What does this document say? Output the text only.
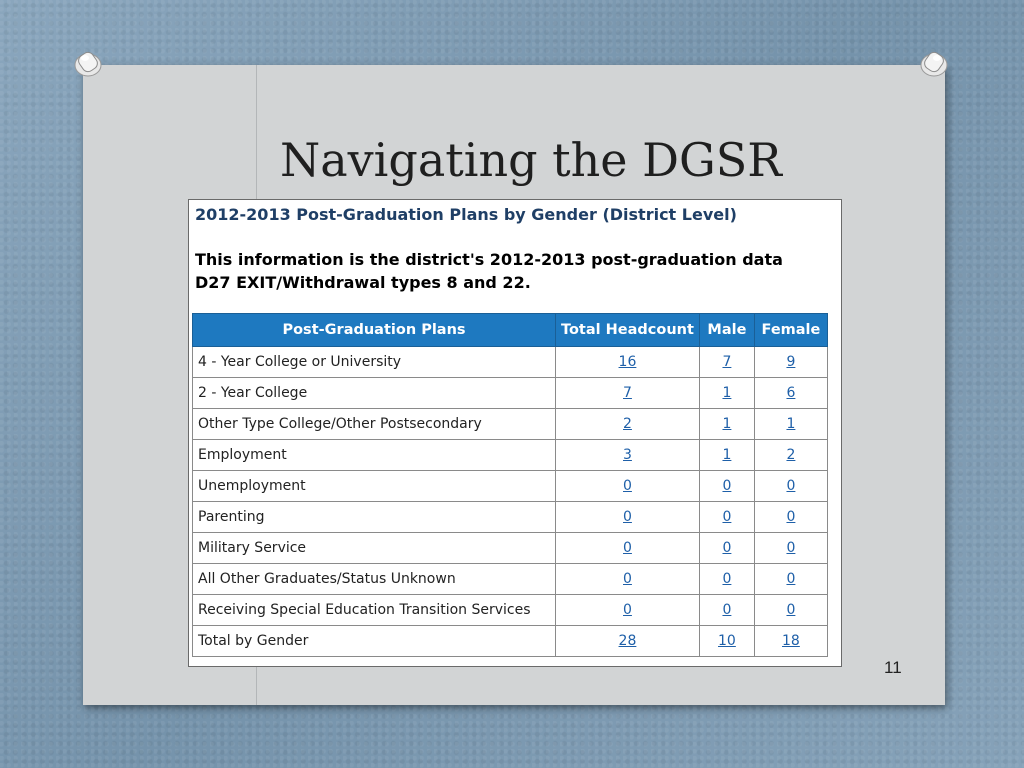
Navigating the DGSR
2012-2013 Post-Graduation Plans by Gender (District Level)
This information is the district's 2012-2013 post-graduation data
D27 EXIT/Withdrawal types 8 and 22.
Post-Graduation Plans	Total Headcount	Male	Female
4 - Year College or University	16	7	9
2 - Year College	7	1	6
Other Type College/Other Postsecondary	2	1	1
Employment	3	1	2
Unemployment	0	0	0
Parenting	0	0	0
Military Service	0	0	0
All Other Graduates/Status Unknown	0	0	0
Receiving Special Education Transition Services	0	0	0
Total by Gender	28	10	18
11
